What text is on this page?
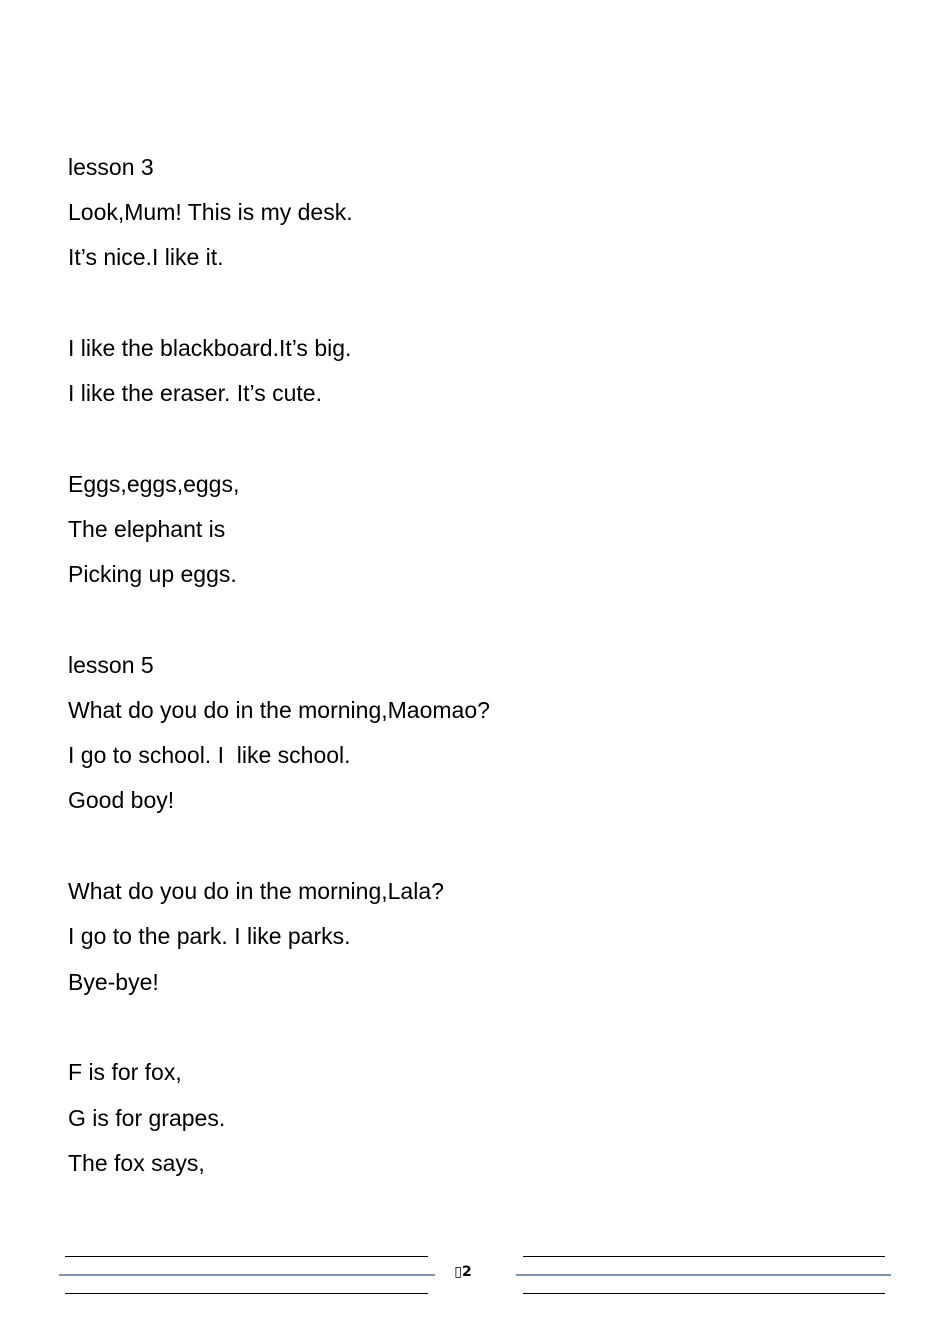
lesson 3

Look,Mum! This is my desk.

It’s nice.I like it.

I like the blackboard.It’s big.

I like the eraser. It’s cute.

Eggs,eggs,eggs,

The elephant is

Picking up eggs.

lesson 5

What do you do in the morning,Maomao?

I go to school. I  like school.

Good boy!

What do you do in the morning,Lala?

I go to the park. I like parks.

Bye-bye!

F is for fox,

G is for grapes.

The fox says,

▯2
